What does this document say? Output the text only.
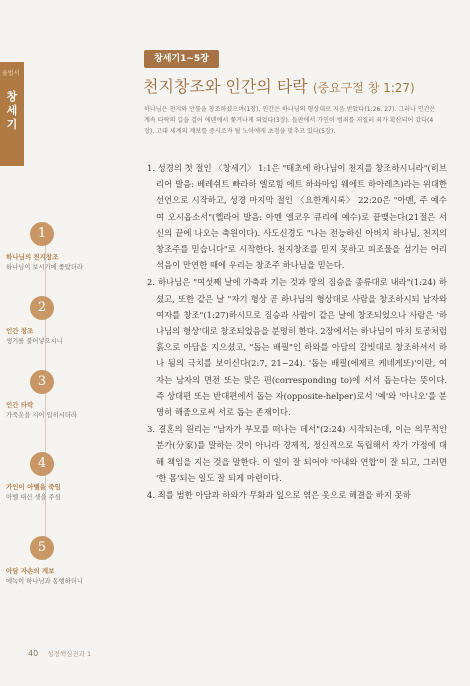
율법서
창
세
기
창세기1~5장
천지창조와 인간의 타락 (중요구절 창 1:27)
하나님은 천지와 만물을 창조하셨으며(1장), 인간은 하나님의 형상대로 지음 받았다(1:26, 27). 그러나 인간은 계속 타락의 길을 걸어 에덴에서 쫓겨나게 되었다(3장). 들판에서 가인이 범죄를 저질러 죄가 확산되어 갔다(4장). 고대 세계의 계보를 중시조가 될 노아에게 초점을 맞추고 있다(5장).
1
하나님의 천지창조
하나님이 보시기에 좋았더라
2
인간 창조
생기를 불어넣으시니
3
인간 타락
가죽옷을 지어 입히시더라
4
가인이 아벨을 죽임
아벨 대신 셋을 주심
5
아담 자손의 계보
에녹이 하나님과 동행하더니

1. 성경의 첫 절인 〈창세기〉 1:1은 "태초에 하나님이 천지를 창조하시니라"(히브리어 발음: 베레쉬트 빠라하 엘로힘 에트 하솨마임 웨에트 하아레츠)라는 위대한 선언으로 시작하고, 성경 마지막 절인 〈요한계시록〉 22:20은 "아멘, 주 예수여 오시옵소서"(헬라어 발음: 아멘 엘코우 큐리에 예수)로 끝맺는다(21절은 서신의 끝에 나오는 축원이다). 사도신경도 "나는 전능하신 아버지 하나님, 천지의 창조주를 믿습니다"로 시작한다. 천지창조를 믿지 못하고 피조물을 섬기는 어리석음이 만연한 때에 우리는 창조주 하나님을 믿는다.

2. 하나님은 "여섯째 날에 가축과 기는 것과 땅의 짐승을 종류대로 내라"(1:24) 하셨고, 또한 같은 날 "자기 형상 곧 하나님의 형상대로 사람을 창조하시되 남자와 여자를 창조"(1:27)하시므로 짐승과 사람이 같은 날에 창조되었으나 사람은 '하나님의 형상'대로 창조되었음을 분명히 한다. 2장에서는 하나님이 마치 토공처럼 흙으로 아담을 지으셨고, "돕는 배필"인 하와를 아담의 갈빗대로 창조하셔서 하나 됨의 극치를 보이신다(2:7, 21~24). '돕는 배필(에제르 케네게또)'이란, 여자는 남자의 면전 또는 맞은 편(corresponding to)에 서서 돕는다는 뜻이다. 즉 상대편 또는 반대편에서 돕는 자(opposite-helper)로서 '예'와 '아니오'를 분명히 해줌으로써 서로 돕는 존재이다.

3. 결혼의 원리는 "남자가 부모를 떠나는 데서"(2:24) 시작되는데, 이는 의무적인 분가(分家)를 말하는 것이 아니라 경제적, 정신적으로 독립해서 자기 가정에 대해 책임을 지는 것을 말한다. 이 일이 잘 되어야 '아내와 연합'이 잘 되고, 그러면 '한 몸'되는 일도 잘 되게 마련이다.

4. 죄를 범한 아담과 하와가 무화과 잎으로 엮은 옷으로 해결을 하지 못하

40 성경핵심전과 1
